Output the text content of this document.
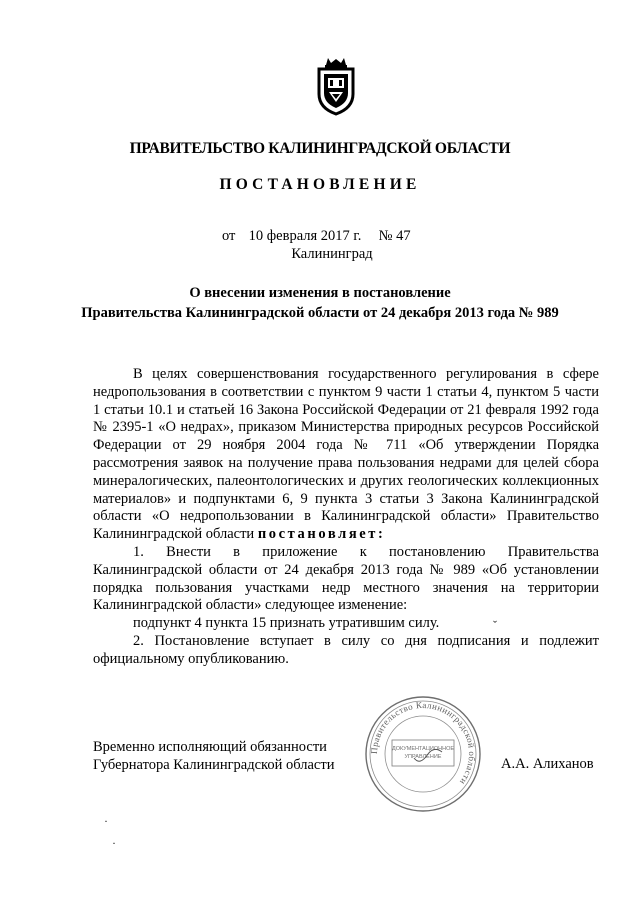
ПРАВИТЕЛЬСТВО КАЛИНИНГРАДСКОЙ ОБЛАСТИ
ПОСТАНОВЛЕНИЕ
от 10 февраля 2017 г. № 47
Калининград
О внесении изменения в постановление
Правительства Калининградской области от 24 декабря 2013 года № 989

В целях совершенствования государственного регулирования в сфере недропользования в соответствии с пунктом 9 части 1 статьи 4, пунктом 5 части 1 статьи 10.1 и статьей 16 Закона Российской Федерации от 21 февраля 1992 года № 2395-1 «О недрах», приказом Министерства природных ресурсов Российской Федерации от 29 ноября 2004 года № 711 «Об утверждении Порядка рассмотрения заявок на получение права пользования недрами для целей сбора минералогических, палеонтологических и других геологических коллекционных материалов» и подпунктами 6, 9 пункта 3 статьи 3 Закона Калининградской области «О недропользовании в Калининградской области» Правительство Калининградской области постановляет:

1. Внести в приложение к постановлению Правительства Калининградской области от 24 декабря 2013 года № 989 «Об установлении порядка пользования участками недр местного значения на территории Калининградской области» следующее изменение:

подпункт 4 пункта 15 признать утратившим силу.

2. Постановление вступает в силу со дня подписания и подлежит официальному опубликованию.

Временно исполняющий обязанности
Губернатора Калининградской области
Правительство Калининградской области
ДОКУМЕНТАЦИОННОЕ УПРАВЛЕНИЕ	А.А. Алиханов
ˇ
·
·
